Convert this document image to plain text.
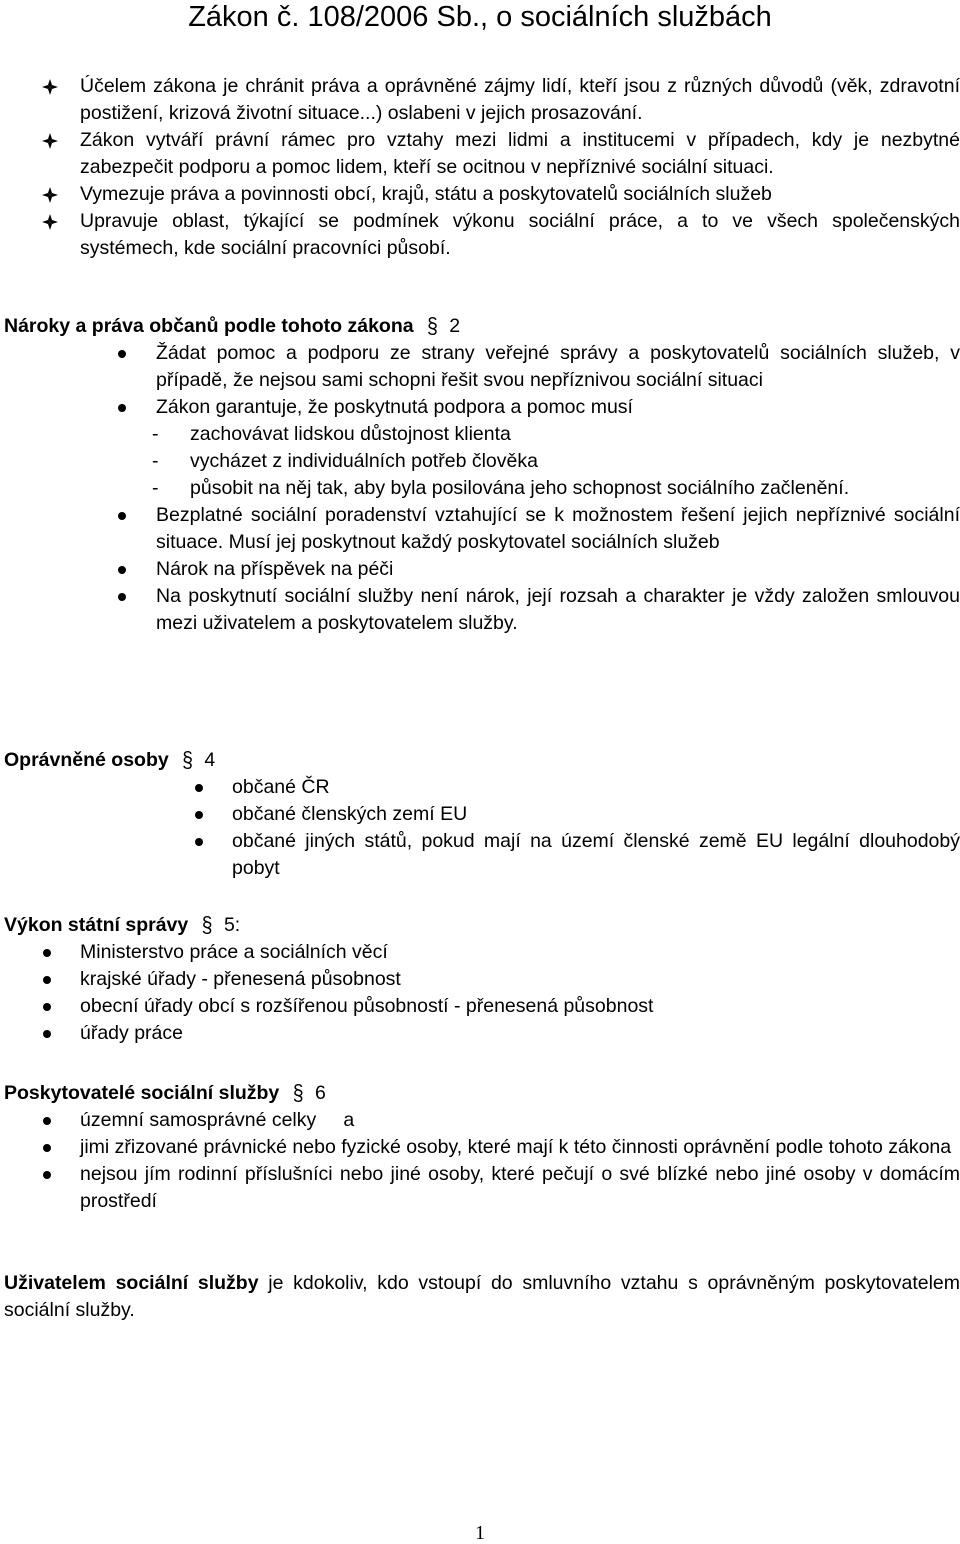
Zákon č. 108/2006 Sb., o sociálních službách
Účelem zákona je chránit práva a oprávněné zájmy lidí, kteří jsou z různých důvodů (věk, zdravotní postižení, krizová životní situace...) oslabeni v jejich prosazování.
Zákon vytváří právní rámec pro vztahy mezi lidmi a institucemi v případech, kdy je nezbytné zabezpečit podporu a pomoc lidem, kteří se ocitnou v nepříznivé sociální situaci.
Vymezuje práva a povinnosti obcí, krajů, státu a poskytovatelů sociálních služeb
Upravuje oblast, týkající se podmínek výkonu sociální práce, a to ve všech společenských systémech, kde sociální pracovníci působí.
Nároky a práva občanů podle tohoto zákona § 2
Žádat pomoc a podporu ze strany veřejné správy a poskytovatelů sociálních služeb, v případě, že nejsou sami schopni řešit svou nepříznivou sociální situaci
Zákon garantuje, že poskytnutá podpora a pomoc musí
- zachovávat lidskou důstojnost klienta
- vycházet z individuálních potřeb člověka
- působit na něj tak, aby byla posilována jeho schopnost sociálního začlenění.
Bezplatné sociální poradenství vztahující se k možnostem řešení jejich nepříznivé sociální situace. Musí jej poskytnout každý poskytovatel sociálních služeb
Nárok na příspěvek na péči
Na poskytnutí sociální služby není nárok, její rozsah a charakter je vždy založen smlouvou mezi uživatelem a poskytovatelem služby.
Oprávněné osoby § 4
občané ČR
občané členských zemí EU
občané jiných států, pokud mají na území členské země EU legální dlouhodobý pobyt
Výkon státní správy § 5:
Ministerstvo práce a sociálních věcí
krajské úřady - přenesená působnost
obecní úřady obcí s rozšířenou působností - přenesená působnost
úřady práce
Poskytovatelé sociální služby § 6
územní samosprávné celky     a
jimi zřizované právnické nebo fyzické osoby, které mají k této činnosti oprávnění podle tohoto zákona
nejsou jím rodinní příslušníci nebo jiné osoby, které pečují o své blízké nebo jiné osoby v domácím prostředí
Uživatelem sociální služby je kdokoliv, kdo vstoupí do smluvního vztahu s oprávněným poskytovatelem sociální služby.
1
